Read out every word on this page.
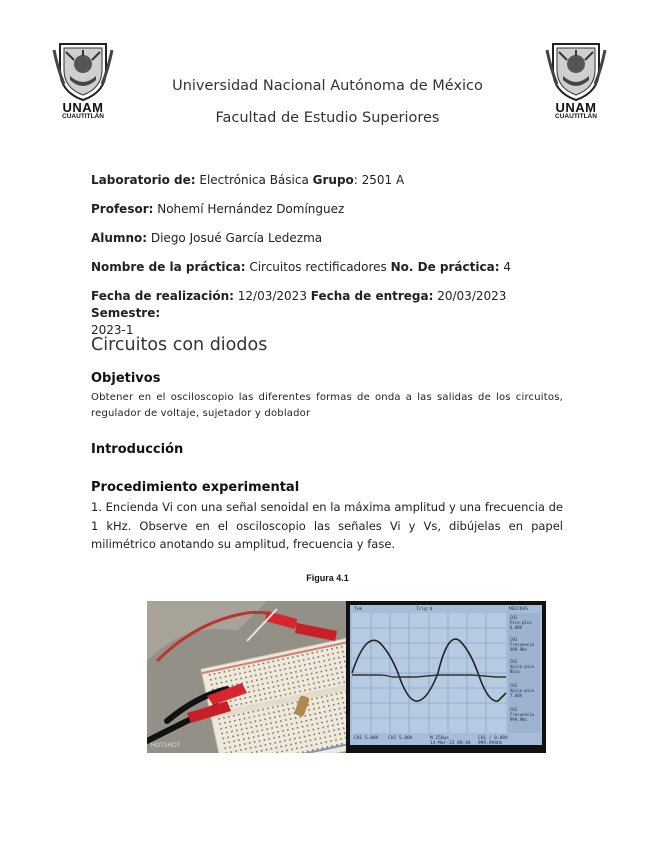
UNAM
CUAUTITLÁN
UNAM
CUAUTITLÁN
Universidad Nacional Autónoma de México
Facultad de Estudio Superiores
Laboratorio de: Electrónica Básica Grupo: 2501 A
Profesor: Nohemí Hernández Domínguez
Alumno: Diego Josué García Ledezma
Nombre de la práctica: Circuitos rectificadores No. De práctica: 4
Fecha de realización: 12/03/2023 Fecha de entrega: 20/03/2023 Semestre:
2023-1
Circuitos con diodos
Objetivos
Obtener en el osciloscopio las diferentes formas de onda a las salidas de los circuitos, regulador de voltaje, sujetador y doblador
Introducción
Procedimiento experimental
1. Encienda Vi con una señal senoidal en la máxima amplitud y una frecuencia de 1 kHz. Observe en el osciloscopio las señales Vi y Vs, dibújelas en papel milimétrico anotando su amplitud, frecuencia y fase.
Figura 4.1
HOTSHOT
CH1
Pico-pico
6.80V
CH1
Frecuencia
999.9Hz
CH2
Vpico-pico
Nulo
CH2
Vpico-pico
7.60V
CH2
Frecuencia
999.9Hz
Tek	Trig'd	MEDIDAS
CH1 5.00V CH2 5.00V	M 250µs
14-Mar-23 09:44
CH1 / 0.00V
999.994Hz
